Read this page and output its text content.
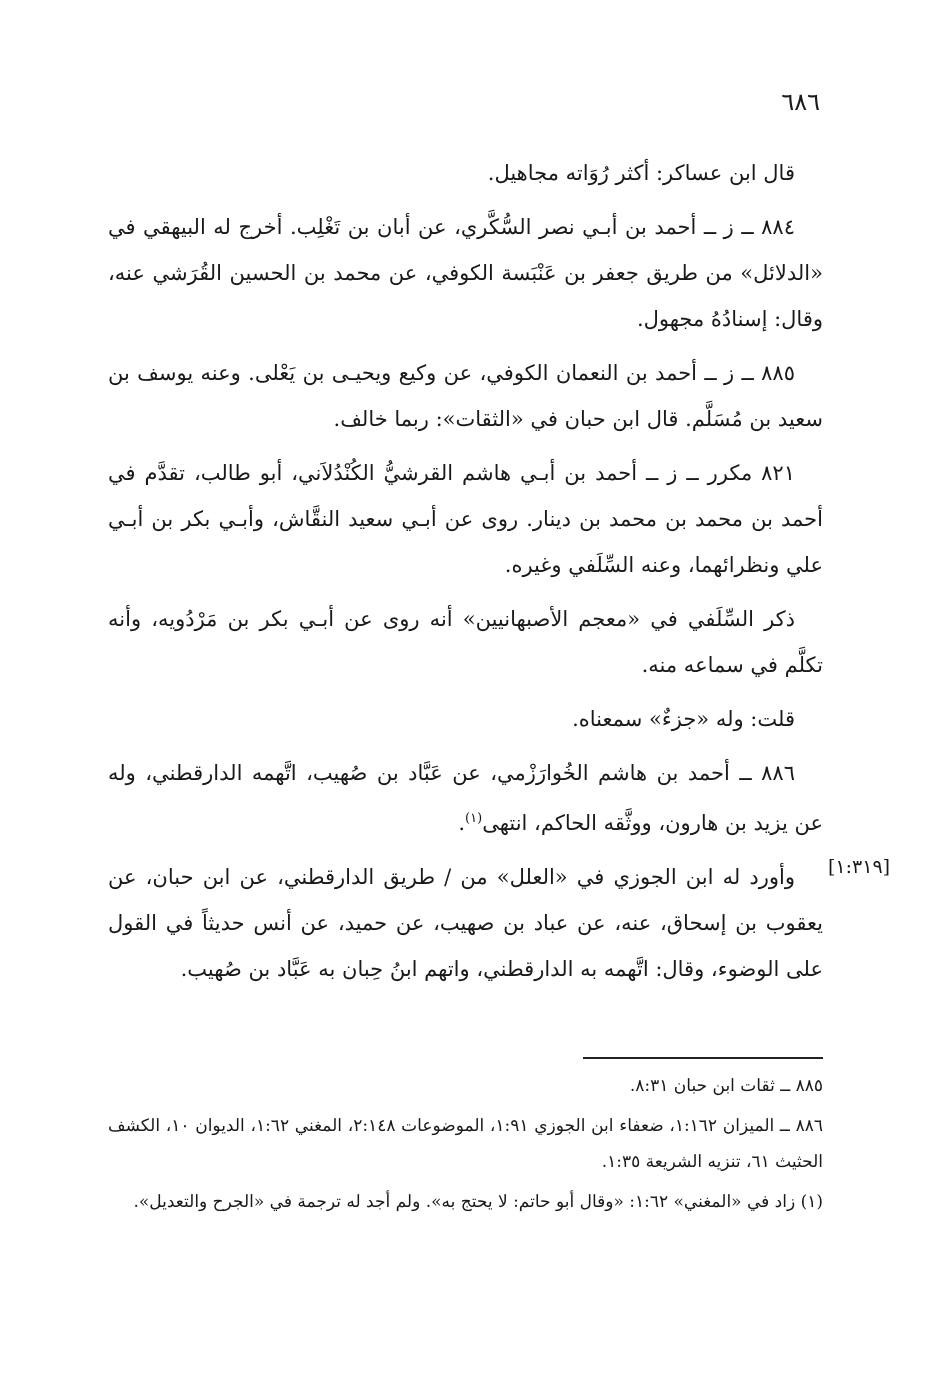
٦٨٦

قال ابن عساكر: أكثر رُوَاته مجاهيل.

٨٨٤ ــ ز ــ أحمد بن أبـي نصر السُّكَّري، عن أبان بن تَغْلِب. أخرج له البيهقي في «الدلائل» من طريق جعفر بن عَنْبَسة الكوفي، عن محمد بن الحسين القُرَشي عنه، وقال: إسنادُهُ مجهول.

٨٨٥ ــ ز ــ أحمد بن النعمان الكوفي، عن وكيع ويحيـى بن يَعْلى. وعنه يوسف بن سعيد بن مُسَلَّم. قال ابن حبان في «الثقات»: ربما خالف.

٨٢١ مكرر ــ ز ــ أحمد بن أبـي هاشم القرشيُّ الكُنْدُلاَني، أبو طالب، تقدَّم في أحمد بن محمد بن محمد بن دينار. روى عن أبـي سعيد النقَّاش، وأبـي بكر بن أبـي علي ونظرائهما، وعنه السِّلَفي وغيره.

ذكر السِّلَفي في «معجم الأصبهانيين» أنه روى عن أبـي بكر بن مَرْدُويه، وأنه تكلَّم في سماعه منه.

قلت: وله «جزءٌ» سمعناه.

٨٨٦ ــ أحمد بن هاشم الخُوارَزْمي، عن عَبَّاد بن صُهيب، اتَّهمه الدارقطني، وله عن يزيد بن هارون، ووثَّقه الحاكم، انتهى$^{(١)}$.

وأورد له ابن الجوزي في «العلل» من / طريق الدارقطني، عن ابن حبان، عن يعقوب بن إسحاق، عنه، عن عباد بن صهيب، عن حميد، عن أنس حديثاً في القول على الوضوء، وقال: اتَّهمه به الدارقطني، واتهم ابنُ حِبان به عَبَّاد بن صُهيب.

[١:٣١٩]

٨٨٥ ــ ثقات ابن حبان ٨:٣١.

٨٨٦ ــ الميزان ١:١٦٢، ضعفاء ابن الجوزي ١:٩١، الموضوعات ٢:١٤٨، المغني ١:٦٢، الديوان ١٠، الكشف الحثيث ٦١، تنزيه الشريعة ١:٣٥.

(١) زاد في «المغني» ١:٦٢: «وقال أبو حاتم: لا يحتج به». ولم أجد له ترجمة في «الجرح والتعديل».
